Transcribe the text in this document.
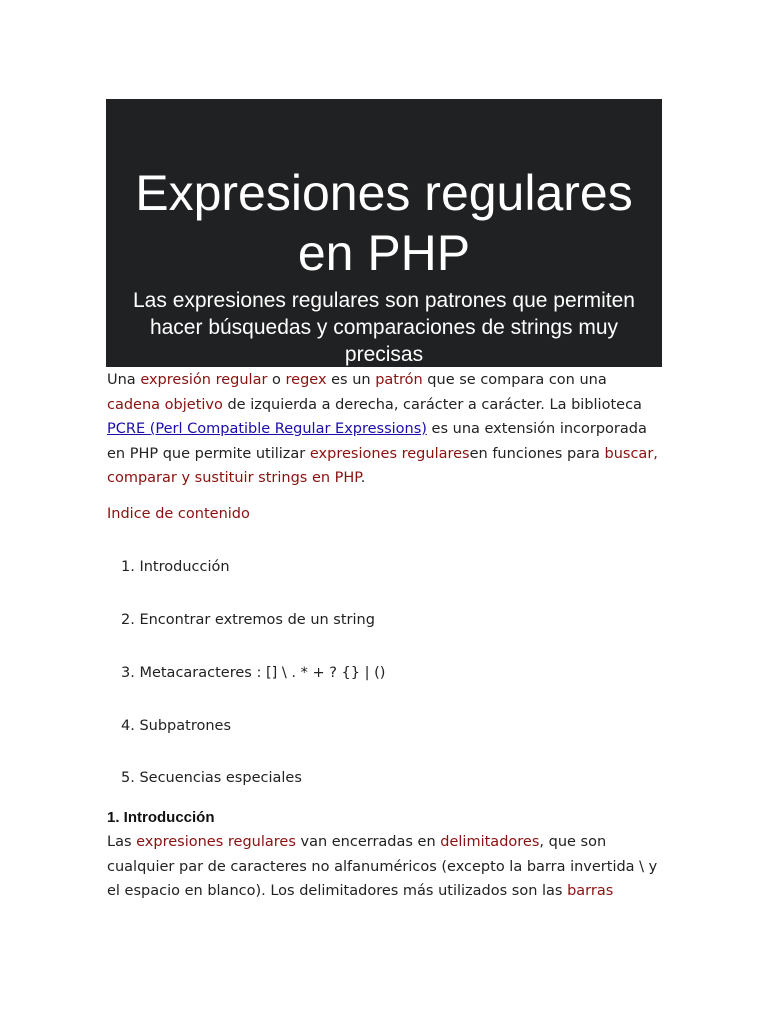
Expresiones regulares
en PHP

Las expresiones regulares son patrones que permiten hacer búsquedas y comparaciones de strings muy precisas

Una expresión regular o regex es un patrón que se compara con una cadena objetivo de izquierda a derecha, carácter a carácter. La biblioteca PCRE (Perl Compatible Regular Expressions) es una extensión incorporada en PHP que permite utilizar expresiones regularesen funciones para buscar, comparar y sustituir strings en PHP.

Indice de contenido

1. Introducción
2. Encontrar extremos de un string
3. Metacaracteres : [] \ . * + ? {} | ()
4. Subpatrones
5. Secuencias especiales
1. Introducción

Las expresiones regulares van encerradas en delimitadores, que son cualquier par de caracteres no alfanuméricos (excepto la barra invertida \ y el espacio en blanco). Los delimitadores más utilizados son las barras
